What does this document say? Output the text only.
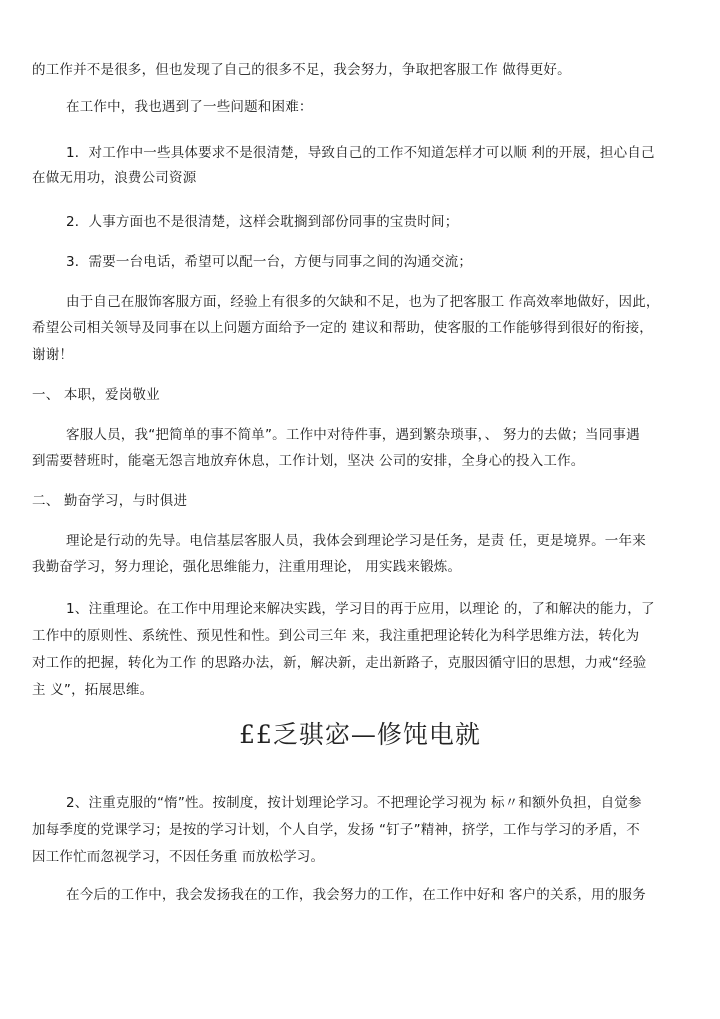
的工作并不是很多，但也发现了自己的很多不足，我会努力，争取把客服工作 做得更好。
在工作中，我也遇到了一些问题和困难：
1．对工作中一些具体要求不是很清楚，导致自己的工作不知道怎样才可以顺 利的开展，担心自己
在做无用功，浪费公司资源
2．人事方面也不是很清楚，这样会耽搁到部份同事的宝贵时间；
3．需要一台电话，希望可以配一台，方便与同事之间的沟通交流；
由于自己在服饰客服方面，经验上有很多的欠缺和不足，也为了把客服工 作高效率地做好，因此，
希望公司相关领导及同事在以上问题方面给予一定的 建议和帮助，使客服的工作能够得到很好的衔接，
谢谢！
一、 本职，爱岗敬业
客服人员，我“把简单的事不简单”。工作中对待件事，遇到繁杂琐事，、 努力的去做；当同事遇
到需要替班时，能毫无怨言地放弃休息，工作计划，坚决 公司的安排，全身心的投入工作。
二、 勤奋学习，与时俱进
理论是行动的先导。电信基层客服人员，我体会到理论学习是任务，是责 任，更是境界。一年来
我勤奋学习，努力理论，强化思维能力，注重用理论， 用实践来锻炼。
1、注重理论。在工作中用理论来解决实践，学习目的再于应用，以理论 的，了和解决的能力，了
工作中的原则性、系统性、预见性和性。到公司三年 来，我注重把理论转化为科学思维方法，转化为
对工作的把握，转化为工作 的思路办法，新，解决新，走出新路子，克服因循守旧的思想，力戒“经验
主 义”，拓展思维。
££乏骐宓—修饨电就
2、注重克服的“惰”性。按制度，按计划理论学习。不把理论学习视为 标〃和额外负担，自觉参
加每季度的党课学习；是按的学习计划，个人自学，发扬 “钉子”精神，挤学，工作与学习的矛盾，不
因工作忙而忽视学习，不因任务重 而放松学习。
在今后的工作中，我会发扬我在的工作，我会努力的工作，在工作中好和 客户的关系，用的服务
